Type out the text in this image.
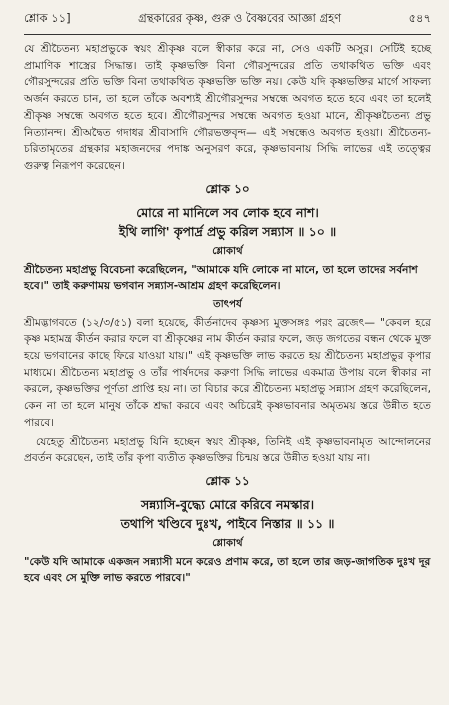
শ্লোক ১১]	গ্রন্থকারের কৃষ্ণ, গুরু ও বৈষ্ণবের আজ্ঞা গ্রহণ	৫৪৭

যে শ্রীচৈতন্য মহাপ্রভুকে স্বয়ং শ্রীকৃষ্ণ বলে স্বীকার করে না, সেও একটি অসুর। সেটিই হচ্ছে প্রামাণিক শাস্ত্রের সিদ্ধান্ত। তাই কৃষ্ণভক্তি বিনা গৌরসুন্দরের প্রতি তথাকথিত ভক্তি এবং গৌরসুন্দরের প্রতি ভক্তি বিনা তথাকথিত কৃষ্ণভক্তি ভক্তি নয়। কেউ যদি কৃষ্ণভক্তির মার্গে সাফল্য অর্জন করতে চান, তা হলে তাঁকে অবশ্যই শ্রীগৌরসুন্দর সম্বন্ধে অবগত হতে হবে এবং তা হলেই শ্রীকৃষ্ণ সম্বন্ধে অবগত হতে হবে। শ্রীগৌরসুন্দর সম্বন্ধে অবগত হওয়া মানে, শ্রীকৃষ্ণচৈতন্য প্রভু নিত্যানন্দ। শ্রীঅদ্বৈত গদাধর শ্রীবাসাদি গৌরভক্তবৃন্দ— এই সম্বন্ধেও অবগত হওয়া। শ্রীচৈতন্য-চরিতামৃতের গ্রন্থকার মহাজনদের পদাঙ্ক অনুসরণ করে, কৃষ্ণভাবনায় সিদ্ধি লাভের এই তত্ত্বের গুরুত্ব নিরূপণ করেছেন।

শ্লোক ১০

মোরে না মানিলে সব লোক হবে নাশ।

ইথি লাগি' কৃপার্দ্র প্রভু করিল সন্ন্যাস ॥ ১০ ॥

শ্লোকার্থ

শ্রীচৈতন্য মহাপ্রভু বিবেচনা করেছিলেন, "আমাকে যদি লোকে না মানে, তা হলে তাদের সর্বনাশ হবে।" তাই করুণাময় ভগবান সন্ন্যাস-আশ্রম গ্রহণ করেছিলেন।

তাৎপর্য

শ্রীমদ্ভাগবতে (১২/৩/৫১) বলা হয়েছে, কীর্তনাদেব কৃষ্ণস্য মুক্তসঙ্গঃ পরং ব্রজেৎ— "কেবল হরে কৃষ্ণ মহামন্ত্র কীর্তন করার ফলে বা শ্রীকৃষ্ণের নাম কীর্তন করার ফলে, জড় জগতের বন্ধন থেকে মুক্ত হয়ে ভগবানের কাছে ফিরে যাওয়া যায়।" এই কৃষ্ণভক্তি লাভ করতে হয় শ্রীচৈতন্য মহাপ্রভুর কৃপার মাধ্যমে। শ্রীচৈতন্য মহাপ্রভু ও তাঁর পার্ষদদের করুণা সিদ্ধি লাভের একমাত্র উপায় বলে স্বীকার না করলে, কৃষ্ণভক্তির পূর্ণতা প্রাপ্তি হয় না। তা বিচার করে শ্রীচৈতন্য মহাপ্রভু সন্ন্যাস গ্রহণ করেছিলেন, কেন না তা হলে মানুষ তাঁকে শ্রদ্ধা করবে এবং অচিরেই কৃষ্ণভাবনার অমৃতময় স্তরে উন্নীত হতে পারবে।

যেহেতু শ্রীচৈতন্য মহাপ্রভু যিনি হচ্ছেন স্বয়ং শ্রীকৃষ্ণ, তিনিই এই কৃষ্ণভাবনামৃত আন্দোলনের প্রবর্তন করেছেন, তাই তাঁর কৃপা ব্যতীত কৃষ্ণভক্তির চিন্ময় স্তরে উন্নীত হওয়া যায় না।

শ্লোক ১১

সন্ন্যাসি-বুদ্ধ্যে মোরে করিবে নমস্কার।

তথাপি খণ্ডিবে দুঃখ, পাইবে নিস্তার ॥ ১১ ॥

শ্লোকার্থ

"কেউ যদি আমাকে একজন সন্ন্যাসী মনে করেও প্রণাম করে, তা হলে তার জড়-জাগতিক দুঃখ দূর হবে এবং সে মুক্তি লাভ করতে পারবে।"
